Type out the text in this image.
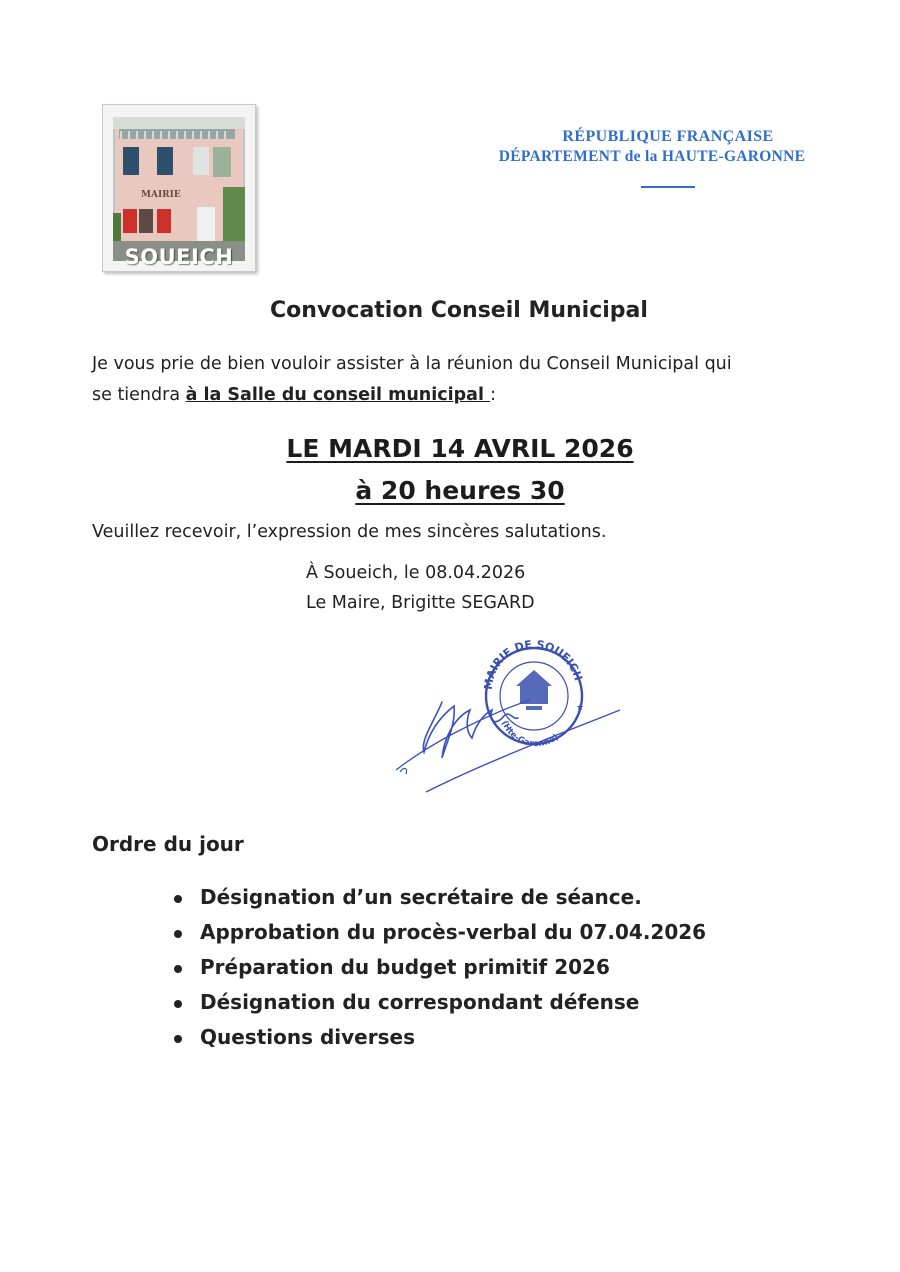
MAIRIE
SOUEICH
RÉPUBLIQUE FRANÇAISE
DÉPARTEMENT de la HAUTE-GARONNE
Convocation Conseil Municipal
Je vous prie de bien vouloir assister à la réunion du Conseil Municipal qui
se tiendra à la Salle du conseil municipal :
LE MARDI 14 AVRIL 2026
à 20 heures 30
Veuillez recevoir, l’expression de mes sincères salutations.
À Soueich, le 08.04.2026
Le Maire, Brigitte SEGARD
MAIRIE DE SOUEICH
(Hte-Garonne)
★
Ordre du jour
Désignation d’un secrétaire de séance.
Approbation du procès-verbal du 07.04.2026
Préparation du budget primitif 2026
Désignation du correspondant défense
Questions diverses
